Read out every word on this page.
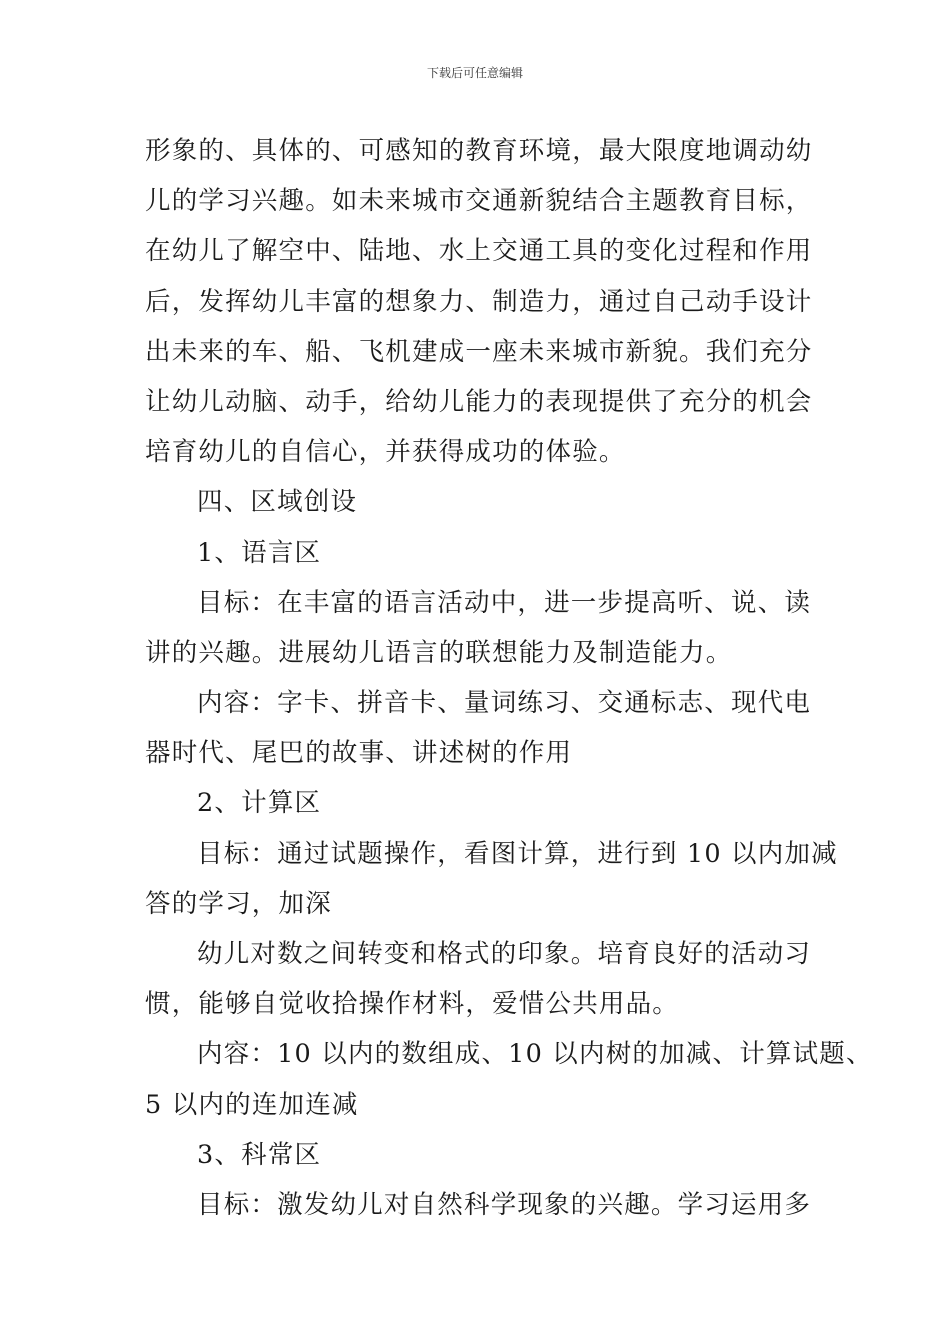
下载后可任意编辑
形象的、具体的、可感知的教育环境，最大限度地调动幼
儿的学习兴趣。如未来城市交通新貌结合主题教育目标，
在幼儿了解空中、陆地、水上交通工具的变化过程和作用
后，发挥幼儿丰富的想象力、制造力，通过自己动手设计
出未来的车、船、飞机建成一座未来城市新貌。我们充分
让幼儿动脑、动手，给幼儿能力的表现提供了充分的机会
培育幼儿的自信心，并获得成功的体验。
四、区域创设
1、语言区
目标：在丰富的语言活动中，进一步提高听、说、读
讲的兴趣。进展幼儿语言的联想能力及制造能力。
内容：字卡、拼音卡、量词练习、交通标志、现代电
器时代、尾巴的故事、讲述树的作用
2、计算区
目标：通过试题操作，看图计算，进行到 10 以内加减
答的学习，加深
幼儿对数之间转变和格式的印象。培育良好的活动习
惯，能够自觉收拾操作材料，爱惜公共用品。
内容：10 以内的数组成、10 以内树的加减、计算试题、
5 以内的连加连减
3、科常区
目标：激发幼儿对自然科学现象的兴趣。学习运用多
